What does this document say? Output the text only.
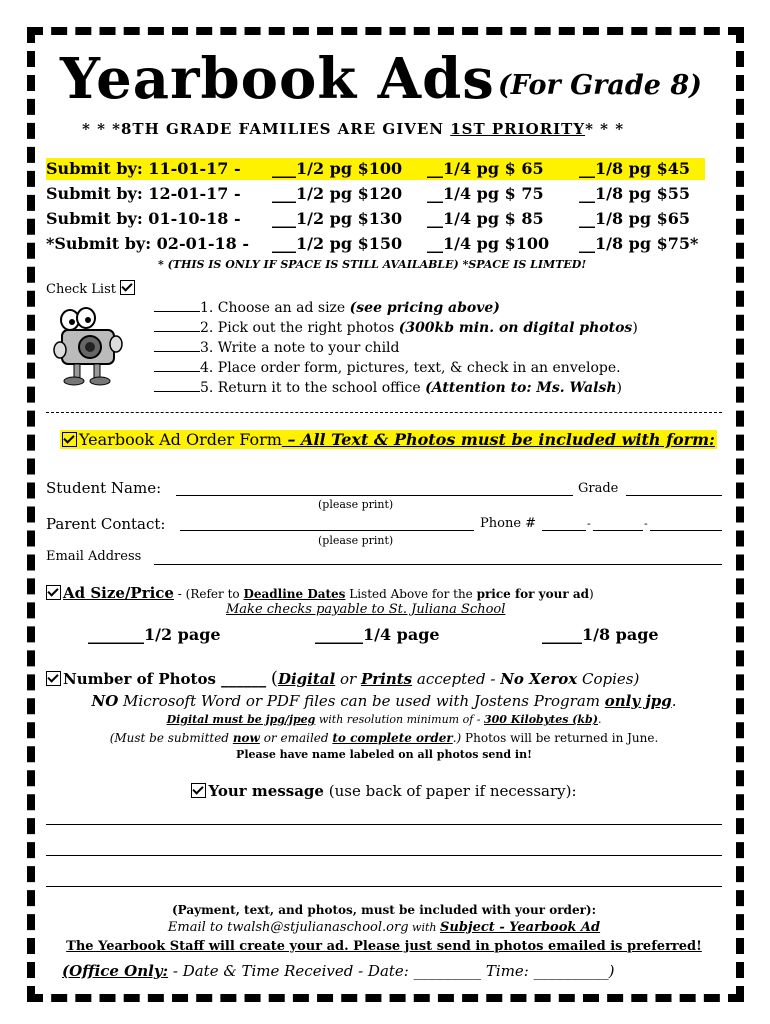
Yearbook Ads (For Grade 8)
* * *8TH GRADE FAMILIES ARE GIVEN 1ST PRIORITY* * *
Submit by: 11-01-17 - ___1/2 pg $100 __1/4 pg $ 65 __1/8 pg $45
Submit by: 12-01-17 - ___1/2 pg $120 __1/4 pg $ 75 __1/8 pg $55
Submit by: 01-10-18 - ___1/2 pg $130 __1/4 pg $ 85 __1/8 pg $65
*Submit by: 02-01-18 - ___1/2 pg $150 __1/4 pg $100 __1/8 pg $75*
* (THIS IS ONLY IF SPACE IS STILL AVAILABLE) *SPACE IS LIMTED!
Check List
1. Choose an ad size (see pricing above)
2. Pick out the right photos (300kb min. on digital photos)
3. Write a note to your child
4. Place order form, pictures, text, & check in an envelope.
5. Return it to the school office (Attention to: Ms. Walsh)
Yearbook Ad Order Form – All Text & Photos must be included with form:
Student Name:	Grade
(please print)
Parent Contact:	Phone #	-	-
(please print)
Email Address
Ad Size/Price - (Refer to Deadline Dates Listed Above for the price for your ad)
Make checks payable to St. Juliana School
_______1/2 page	______1/4 page	_____1/8 page
Number of Photos ______ (Digital or Prints accepted - No Xerox Copies)
NO Microsoft Word or PDF files can be used with Jostens Program only jpg.
Digital must be jpg/jpeg with resolution minimum of - 300 Kilobytes (kb).
(Must be submitted now or emailed to complete order.) Photos will be returned in June.
Please have name labeled on all photos send in!
Your message (use back of paper if necessary):
(Payment, text, and photos, must be included with your order):
Email to twalsh@stjulianaschool.org with Subject - Yearbook Ad
The Yearbook Staff will create your ad. Please just send in photos emailed is preferred!
(Office Only: - Date & Time Received - Date: _________ Time: __________)
